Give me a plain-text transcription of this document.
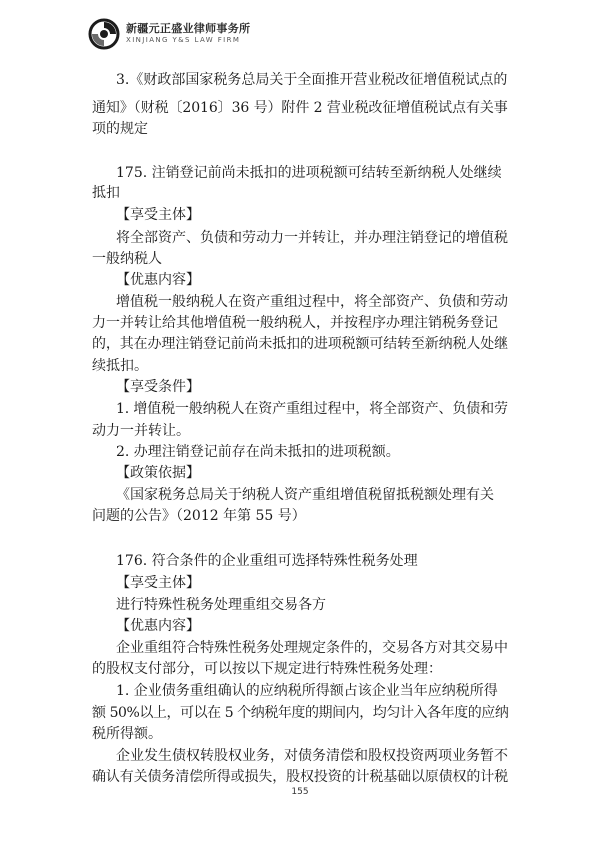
新疆元正盛业律师事务所
XINJIANG Y&S LAW FIRM

3.《财政部国家税务总局关于全面推开营业税改征增值税试点的

通知》（财税〔2016〕36 号）附件 2 营业税改征增值税试点有关事

项的规定

175. 注销登记前尚未抵扣的进项税额可结转至新纳税人处继续

抵扣

【享受主体】

将全部资产、负债和劳动力一并转让，并办理注销登记的增值税

一般纳税人

【优惠内容】

增值税一般纳税人在资产重组过程中，将全部资产、负债和劳动

力一并转让给其他增值税一般纳税人，并按程序办理注销税务登记

的，其在办理注销登记前尚未抵扣的进项税额可结转至新纳税人处继

续抵扣。

【享受条件】

1. 增值税一般纳税人在资产重组过程中，将全部资产、负债和劳

动力一并转让。

2. 办理注销登记前存在尚未抵扣的进项税额。

【政策依据】

《国家税务总局关于纳税人资产重组增值税留抵税额处理有关

问题的公告》（2012 年第 55 号）

176. 符合条件的企业重组可选择特殊性税务处理

【享受主体】

进行特殊性税务处理重组交易各方

【优惠内容】

企业重组符合特殊性税务处理规定条件的，交易各方对其交易中

的股权支付部分，可以按以下规定进行特殊性税务处理：

1. 企业债务重组确认的应纳税所得额占该企业当年应纳税所得

额 50%以上，可以在 5 个纳税年度的期间内，均匀计入各年度的应纳

税所得额。

企业发生债权转股权业务，对债务清偿和股权投资两项业务暂不

确认有关债务清偿所得或损失，股权投资的计税基础以原债权的计税

155
